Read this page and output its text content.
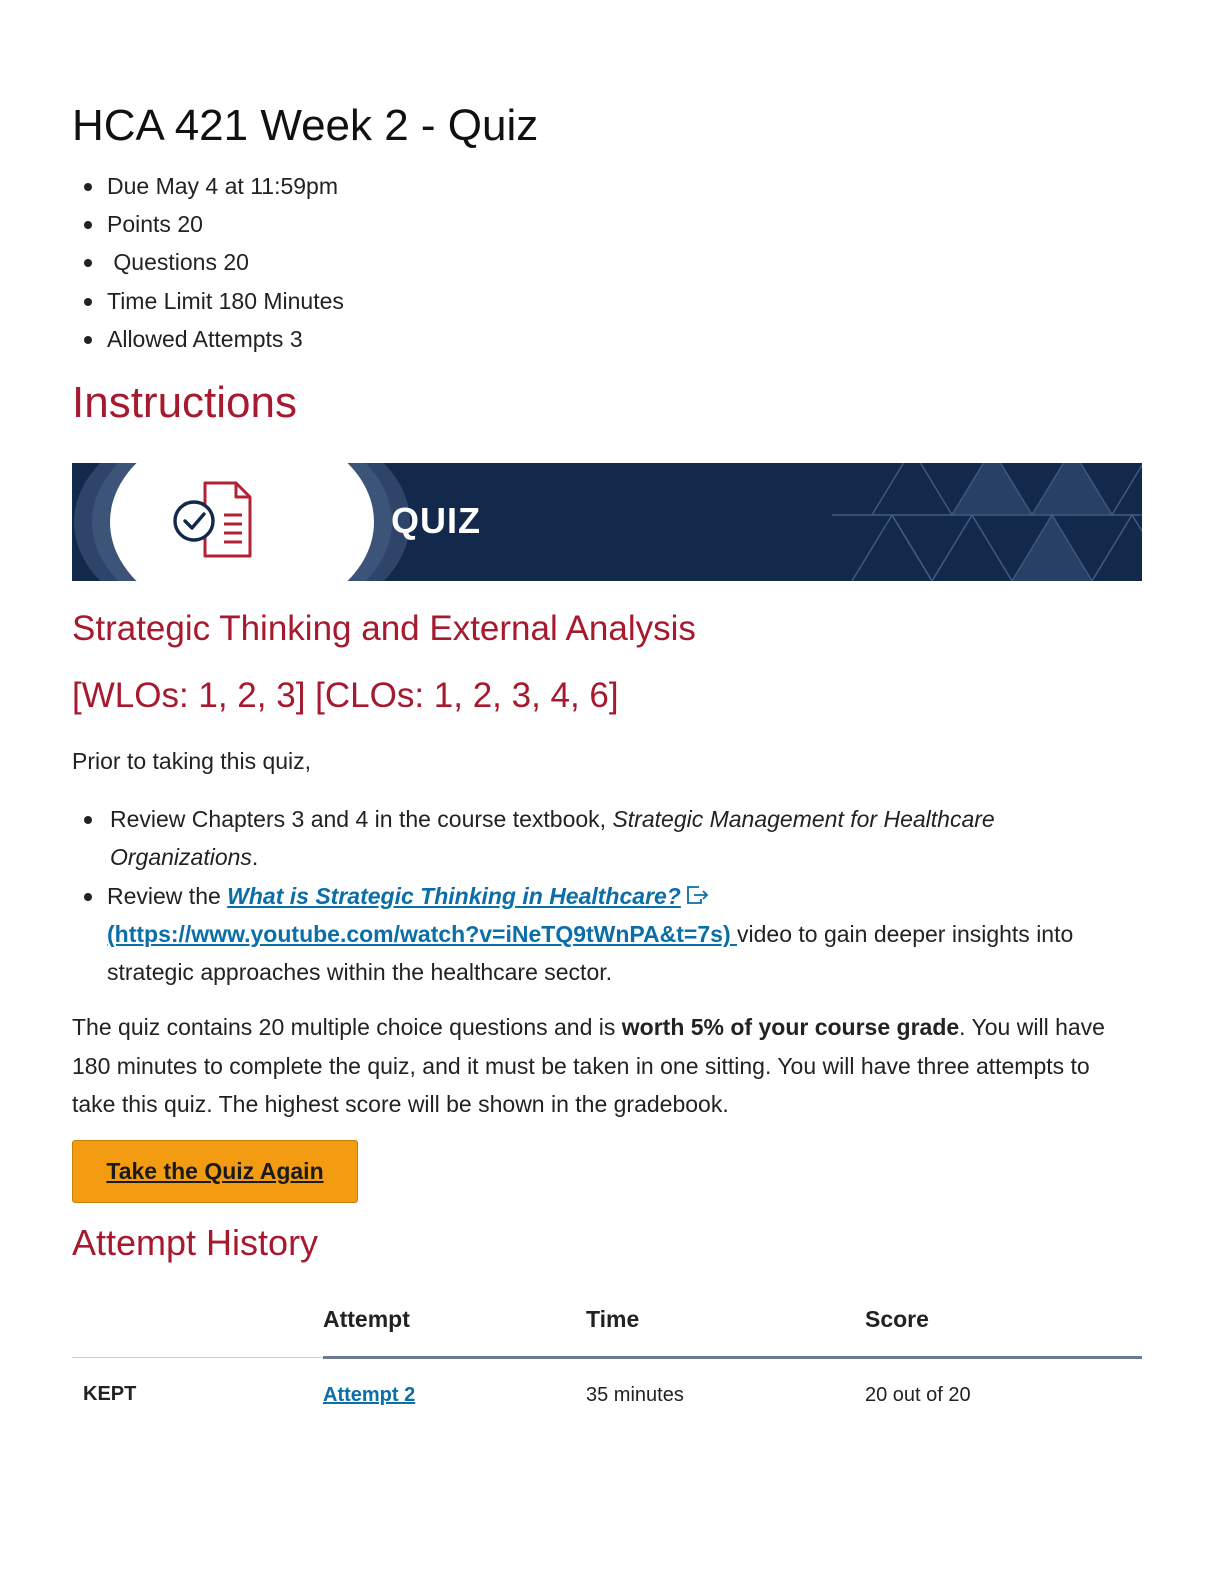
HCA 421 Week 2 - Quiz
Due May 4 at 11:59pm
Points 20
Questions 20
Time Limit 180 Minutes
Allowed Attempts 3
Instructions
QUIZ
Strategic Thinking and External Analysis
[WLOs: 1, 2, 3] [CLOs: 1, 2, 3, 4, 6]

Prior to taking this quiz,

Review Chapters 3 and 4 in the course textbook, Strategic Management for Healthcare Organizations.
Review the What is Strategic Thinking in Healthcare?
(https://www.youtube.com/watch?v=iNeTQ9tWnPA&t=7s) video to gain deeper insights into strategic approaches within the healthcare sector.

The quiz contains 20 multiple choice questions and is worth 5% of your course grade. You will have 180 minutes to complete the quiz, and it must be taken in one sitting. You will have three attempts to take this quiz. The highest score will be shown in the gradebook.

Take the Quiz Again
Attempt History
	Attempt	Time	Score
KEPT	Attempt 2	35 minutes	20 out of 20
